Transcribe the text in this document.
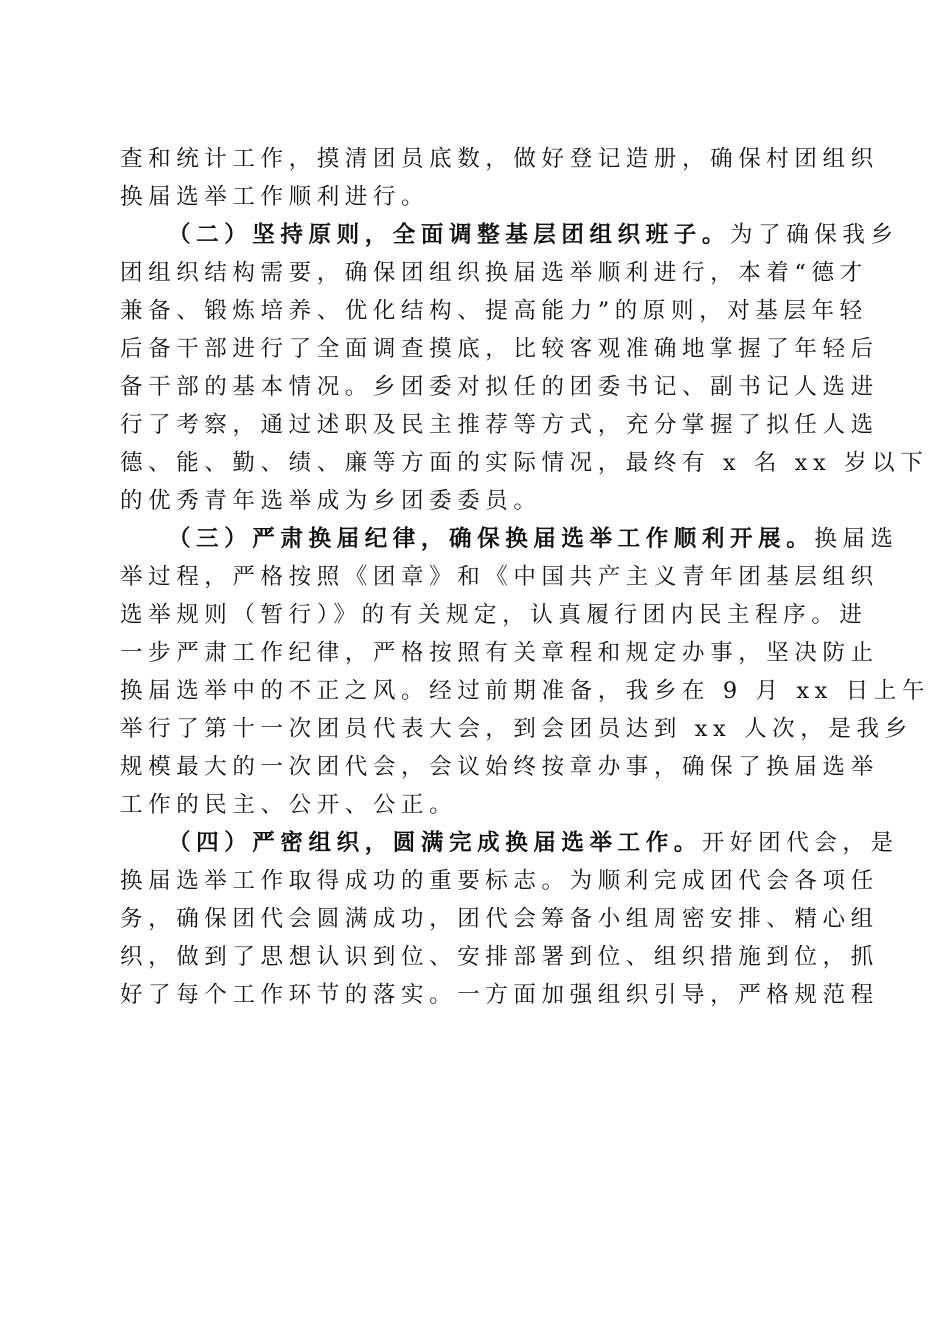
查和统计工作，摸清团员底数，做好登记造册，确保村团组织
换届选举工作顺利进行。
（二）坚持原则，全面调整基层团组织班子。为了确保我乡
团组织结构需要，确保团组织换届选举顺利进行，本着“德才
兼备、锻炼培养、优化结构、提高能力”的原则，对基层年轻
后备干部进行了全面调查摸底，比较客观准确地掌握了年轻后
备干部的基本情况。乡团委对拟任的团委书记、副书记人选进
行了考察，通过述职及民主推荐等方式，充分掌握了拟任人选
德、能、勤、绩、廉等方面的实际情况，最终有 x 名 xx 岁以下
的优秀青年选举成为乡团委委员。
（三）严肃换届纪律，确保换届选举工作顺利开展。换届选
举过程，严格按照《团章》和《中国共产主义青年团基层组织
选举规则（暂行）》的有关规定，认真履行团内民主程序。进
一步严肃工作纪律，严格按照有关章程和规定办事，坚决防止
换届选举中的不正之风。经过前期准备，我乡在 9 月 xx 日上午
举行了第十一次团员代表大会，到会团员达到 xx 人次，是我乡
规模最大的一次团代会，会议始终按章办事，确保了换届选举
工作的民主、公开、公正。
（四）严密组织，圆满完成换届选举工作。开好团代会，是
换届选举工作取得成功的重要标志。为顺利完成团代会各项任
务，确保团代会圆满成功，团代会筹备小组周密安排、精心组
织，做到了思想认识到位、安排部署到位、组织措施到位，抓
好了每个工作环节的落实。一方面加强组织引导，严格规范程
